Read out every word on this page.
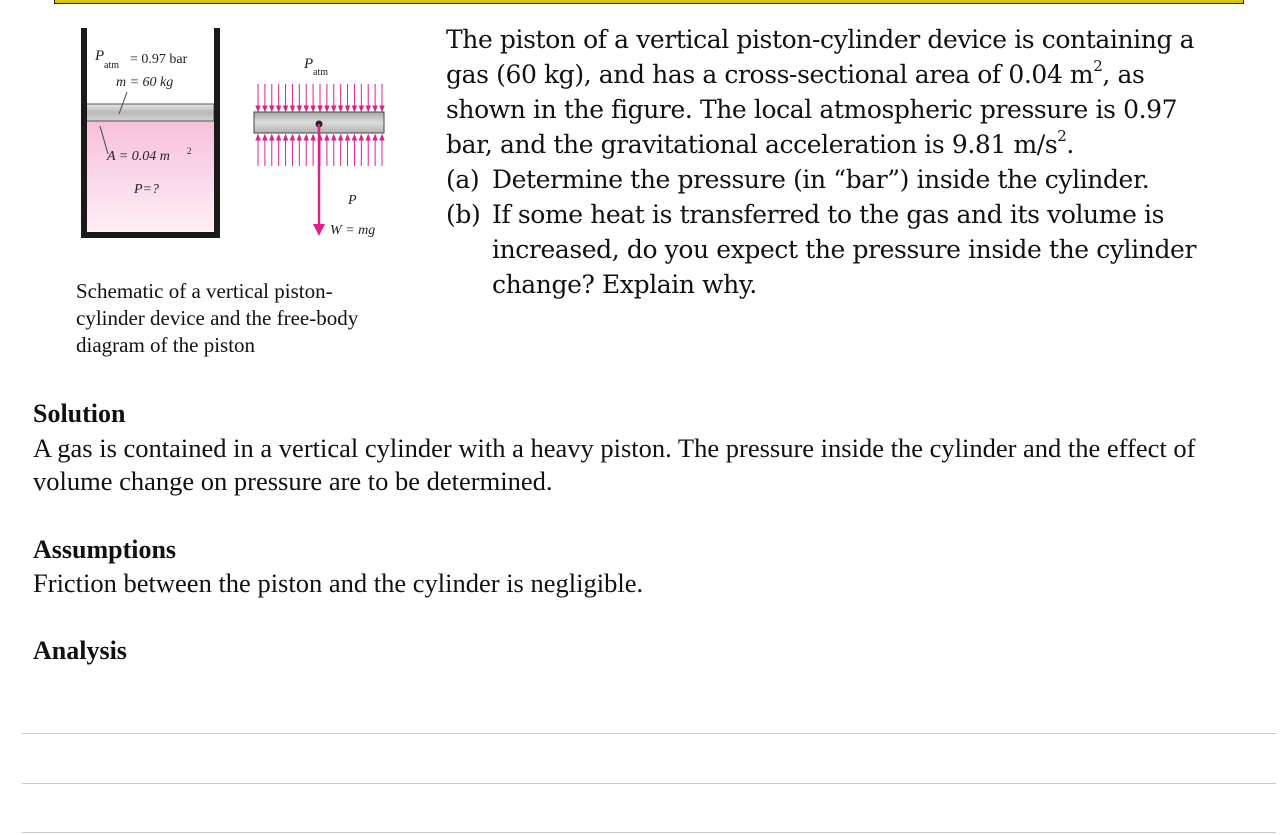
P
atm = 0.97 bar
m = 60 kg
A = 0.04 m 2
P=?
P
atm
P
W = mg
Schematic of a vertical piston-
cylinder device and the free-body
diagram of the piston

The piston of a vertical piston-cylinder device is containing a

gas (60 kg), and has a cross-sectional area of 0.04 $m^2$, as

shown in the figure. The local atmospheric pressure is 0.97

bar, and the gravitational acceleration is 9.81 $m/s^2$.

(a) Determine the pressure (in “bar”) inside the cylinder.
(b) If some heat is transferred to the gas and its volume is increased, do you expect the pressure inside the cylinder change? Explain why.
Solution
A gas is contained in a vertical cylinder with a heavy piston. The pressure inside the cylinder and the effect of volume change on pressure are to be determined.
Assumptions
Friction between the piston and the cylinder is negligible.
Analysis
